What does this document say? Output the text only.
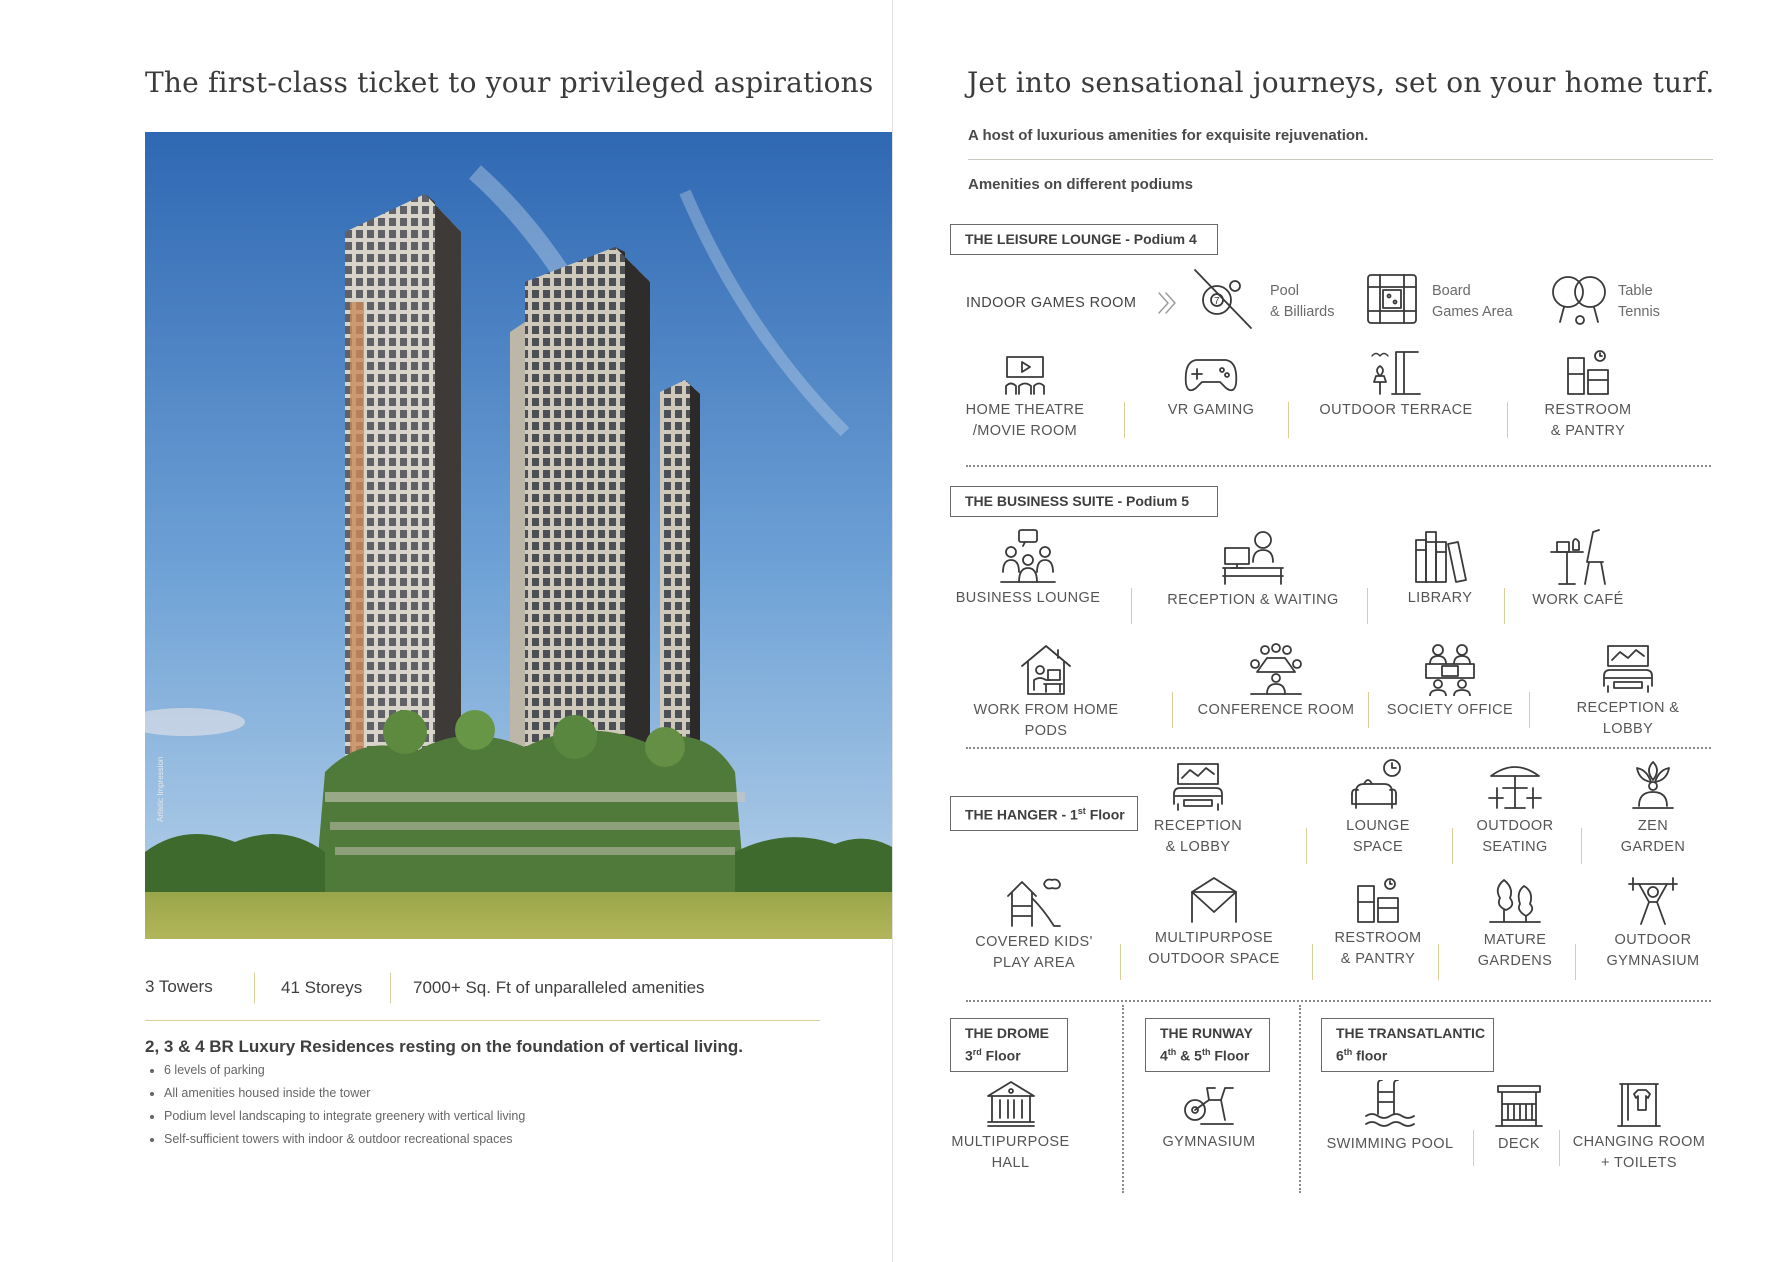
The first-class ticket to your privileged aspirations
Artistic Impression
3 Towers	41 Storeys	7000+ Sq. Ft of unparalleled amenities
2, 3 & 4 BR Luxury Residences resting on the foundation of vertical living.
• 6 levels of parking
• All amenities housed inside the tower
• Podium level landscaping to integrate greenery with vertical living
• Self-sufficient towers with indoor & outdoor recreational spaces
Jet into sensational journeys, set on your home turf.
A host of luxurious amenities for exquisite rejuvenation.
Amenities on different podiums
THE LEISURE LOUNGE - Podium 4
INDOOR GAMES ROOM	7
Pool
& Billiards
Board
Games Area
Table
Tennis
HOME THEATRE
/MOVIE ROOM
VR GAMING	OUTDOOR TERRACE	RESTROOM
& PANTRY
THE BUSINESS SUITE - Podium 5
BUSINESS LOUNGE	RECEPTION & WAITING	LIBRARY	WORK CAFÉ
WORK FROM HOME PODS
CONFERENCE ROOM	SOCIETY OFFICE	RECEPTION & LOBBY
THE HANGER - 1st Floor
RECEPTION
& LOBBY
LOUNGE
SPACE
OUTDOOR
SEATING
ZEN
GARDEN
COVERED KIDS'
PLAY AREA
MULTIPURPOSE
OUTDOOR SPACE
RESTROOM
& PANTRY
MATURE
GARDENS
OUTDOOR
GYMNASIUM
THE DROME
3rd Floor
MULTIPURPOSE
HALL
THE RUNWAY
4th & 5th Floor
GYMNASIUM
THE TRANSATLANTIC
6th floor
SWIMMING POOL	DECK	CHANGING ROOM
+ TOILETS
